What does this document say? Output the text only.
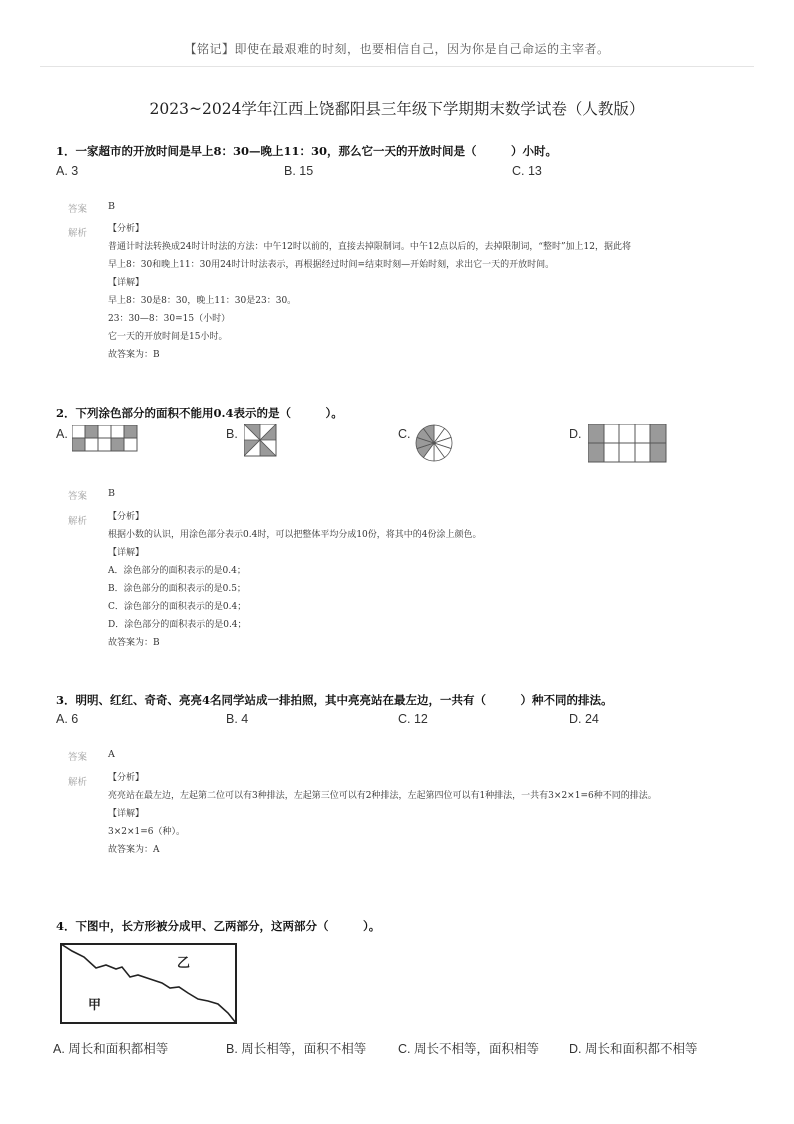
【铭记】即使在最艰难的时刻，也要相信自己，因为你是自己命运的主宰者。
2023~2024学年江西上饶鄱阳县三年级下学期期末数学试卷（人教版）
1．一家超市的开放时间是早上8：30—晚上11：30，那么它一天的开放时间是（　　　）小时。
A. 3	B. 15	C. 13
答案 B
解析 【分析】
普通计时法转换成24时计时法的方法：中午12时以前的，直接去掉限制词。中午12点以后的，去掉限制词，“整时”加上12，据此将
早上8：30和晚上11：30用24时计时法表示，再根据经过时间=结束时刻—开始时刻，求出它一天的开放时间。
【详解】
早上8：30是8：30，晚上11：30是23：30。
23：30—8：30=15（小时）
它一天的开放时间是15小时。
故答案为：B
2．下列涂色部分的面积不能用0.4表示的是（　　　）。
A.	B.	C.	D.
答案 B
解析 【分析】
根据小数的认识，用涂色部分表示0.4时，可以把整体平均分成10份，将其中的4份涂上颜色。
【详解】
A．涂色部分的面积表示的是0.4；
B．涂色部分的面积表示的是0.5；
C．涂色部分的面积表示的是0.4；
D．涂色部分的面积表示的是0.4；
故答案为：B
3．明明、红红、奇奇、亮亮4名同学站成一排拍照，其中亮亮站在最左边，一共有（　　　）种不同的排法。
A. 6	B. 4	C. 12	D. 24
答案 A
解析 【分析】
亮亮站在最左边，左起第二位可以有3种排法，左起第三位可以有2种排法，左起第四位可以有1种排法，一共有3×2×1=6种不同的排法。
【详解】
3×2×1=6（种）。
故答案为：A
4．下图中，长方形被分成甲、乙两部分，这两部分（　　　）。
乙
甲
A. 周长和面积都相等	B. 周长相等，面积不相等	C. 周长不相等，面积相等 D. 周长和面积都不相等
